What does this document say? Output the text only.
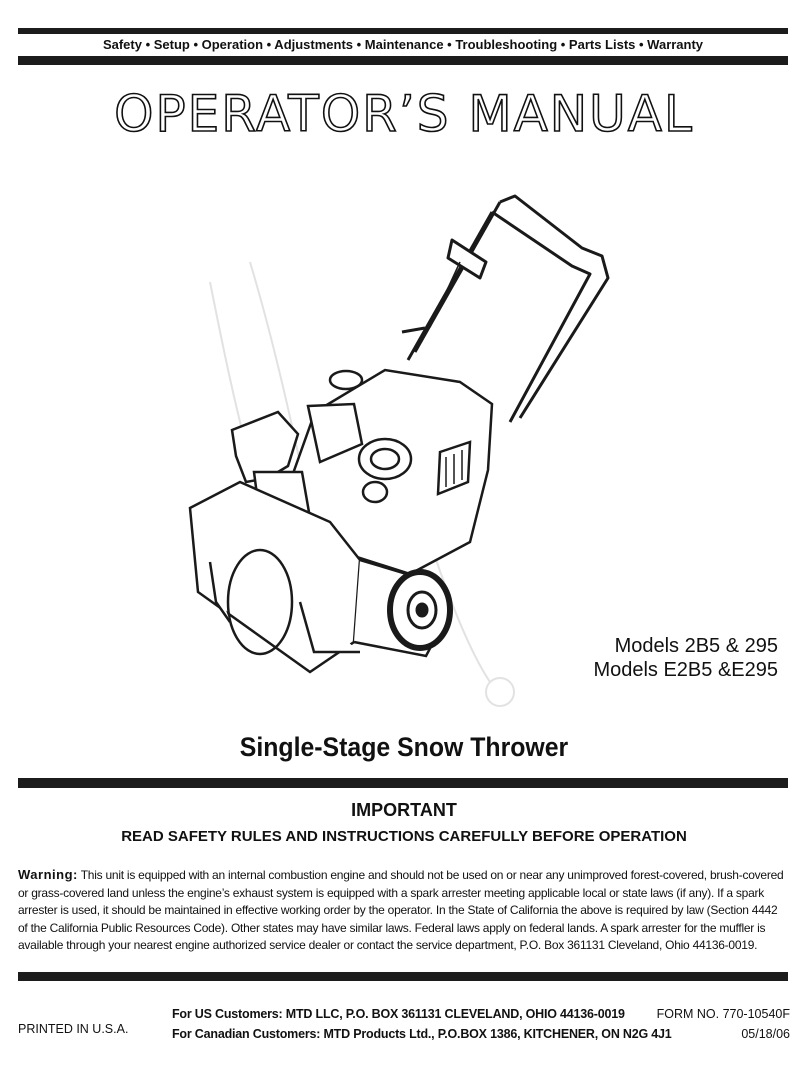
Safety • Setup • Operation • Adjustments • Maintenance • Troubleshooting • Parts Lists • Warranty
OPERATOR’S MANUAL
Models 2B5 & 295
Models E2B5 &E295
Single-Stage Snow Thrower
IMPORTANT
READ SAFETY RULES AND INSTRUCTIONS CAREFULLY BEFORE OPERATION
Warning: This unit is equipped with an internal combustion engine and should not be used on or near any unimproved forest-covered, brush-covered or grass-covered land unless the engine’s exhaust system is equipped with a spark arrester meeting applicable local or state laws (if any). If a spark arrester is used, it should be maintained in effective working order by the operator. In the State of California the above is required by law (Section 4442 of the California Public Resources Code). Other states may have similar laws. Federal laws apply on federal lands. A spark arrester for the muffler is available through your nearest engine authorized service dealer or contact the service department, P.O. Box 361131 Cleveland, Ohio 44136-0019.
PRINTED IN U.S.A.
For US Customers: MTD LLC, P.O. BOX 361131 CLEVELAND, OHIO 44136-0019
For Canadian Customers: MTD Products Ltd., P.O.BOX 1386, KITCHENER, ON N2G 4J1
FORM NO. 770-10540F
05/18/06
